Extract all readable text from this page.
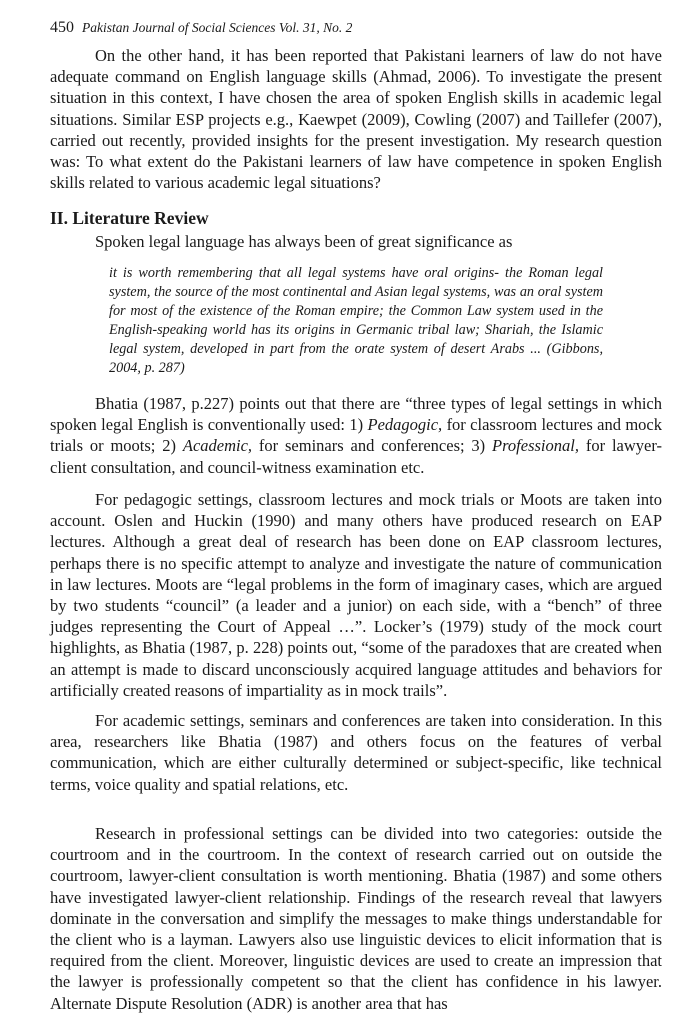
450 Pakistan Journal of Social Sciences Vol. 31, No. 2
On the other hand, it has been reported that Pakistani learners of law do not have adequate command on English language skills (Ahmad, 2006). To investigate the present situation in this context, I have chosen the area of spoken English skills in academic legal situations. Similar ESP projects e.g., Kaewpet (2009), Cowling (2007) and Taillefer (2007), carried out recently, provided insights for the present investigation. My research question was: To what extent do the Pakistani learners of law have competence in spoken English skills related to various academic legal situations?
II. Literature Review
Spoken legal language has always been of great significance as
it is worth remembering that all legal systems have oral origins- the Roman legal system, the source of the most continental and Asian legal systems, was an oral system for most of the existence of the Roman empire; the Common Law system used in the English-speaking world has its origins in Germanic tribal law; Shariah, the Islamic legal system, developed in part from the orate system of desert Arabs ... (Gibbons, 2004, p. 287)
Bhatia (1987, p.227) points out that there are “three types of legal settings in which spoken legal English is conventionally used: 1) Pedagogic, for classroom lectures and mock trials or moots; 2) Academic, for seminars and conferences; 3) Professional, for lawyer-client consultation, and council-witness examination etc.
For pedagogic settings, classroom lectures and mock trials or Moots are taken into account. Oslen and Huckin (1990) and many others have produced research on EAP lectures. Although a great deal of research has been done on EAP classroom lectures, perhaps there is no specific attempt to analyze and investigate the nature of communication in law lectures. Moots are “legal problems in the form of imaginary cases, which are argued by two students “council” (a leader and a junior) on each side, with a “bench” of three judges representing the Court of Appeal …”. Locker’s (1979) study of the mock court highlights, as Bhatia (1987, p. 228) points out, “some of the paradoxes that are created when an attempt is made to discard unconsciously acquired language attitudes and behaviors for artificially created reasons of impartiality as in mock trails”.
For academic settings, seminars and conferences are taken into consideration. In this area, researchers like Bhatia (1987) and others focus on the features of verbal communication, which are either culturally determined or subject-specific, like technical terms, voice quality and spatial relations, etc.
Research in professional settings can be divided into two categories: outside the courtroom and in the courtroom. In the context of research carried out on outside the courtroom, lawyer-client consultation is worth mentioning. Bhatia (1987) and some others have investigated lawyer-client relationship. Findings of the research reveal that lawyers dominate in the conversation and simplify the messages to make things understandable for the client who is a layman. Lawyers also use linguistic devices to elicit information that is required from the client. Moreover, linguistic devices are used to create an impression that the lawyer is professionally competent so that the client has confidence in his lawyer. Alternate Dispute Resolution (ADR) is another area that has
